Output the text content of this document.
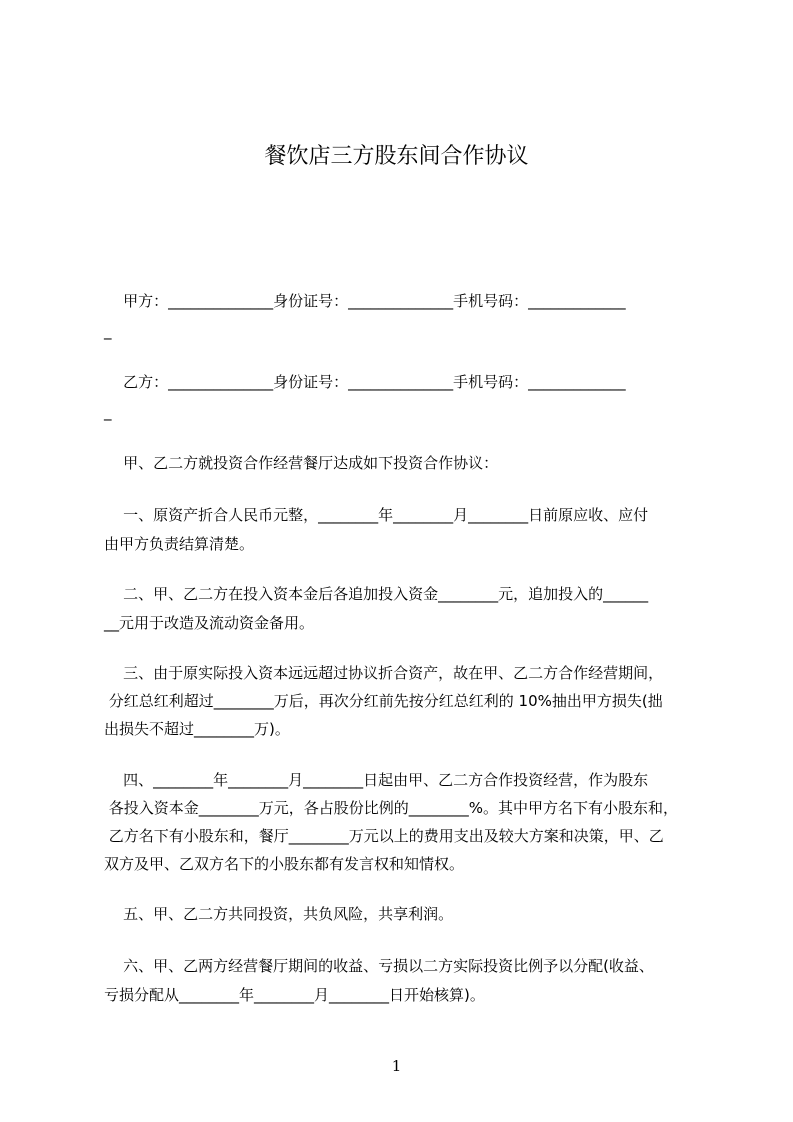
餐饮店三方股东间合作协议
甲方：______________身份证号：______________手机号码：_____________
_
乙方：______________身份证号：______________手机号码：_____________
_
甲、乙二方就投资合作经营餐厅达成如下投资合作协议：
一、原资产折合人民币元整，________年________月________日前原应收、应付
由甲方负责结算清楚。
二、甲、乙二方在投入资本金后各追加投入资金________元，追加投入的______
__元用于改造及流动资金备用。
三、由于原实际投入资本远远超过协议折合资产，故在甲、乙二方合作经营期间，
分红总红利超过________万后，再次分红前先按分红总红利的 10%抽出甲方损失(拙
出损失不超过________万)。
四、________年________月________日起由甲、乙二方合作投资经营，作为股东
各投入资本金________万元，各占股份比例的________%。其中甲方名下有小股东和，
乙方名下有小股东和，餐厅________万元以上的费用支出及较大方案和决策，甲、乙
双方及甲、乙双方名下的小股东都有发言权和知情权。
五、甲、乙二方共同投资，共负风险，共享利润。
六、甲、乙两方经营餐厅期间的收益、亏损以二方实际投资比例予以分配(收益、
亏损分配从________年________月________日开始核算)。
1
